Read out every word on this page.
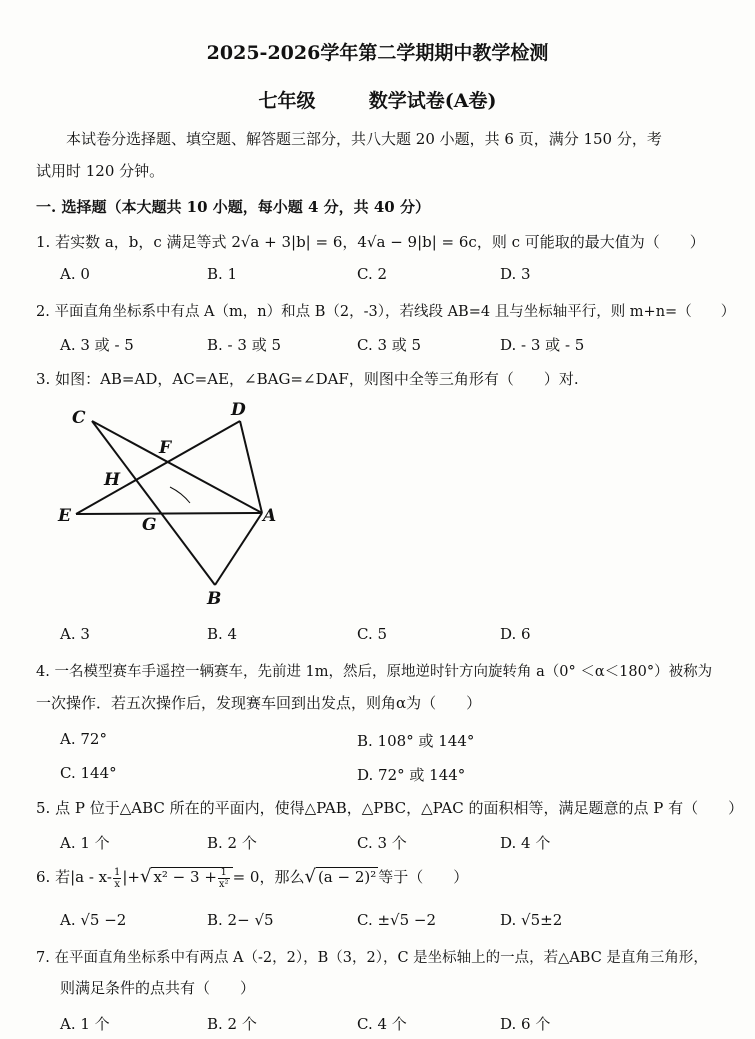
2025-2026学年第二学期期中教学检测
七年级	数学试卷(A卷)
本试卷分选择题、填空题、解答题三部分，共八大题 20 小题，共 6 页，满分 150 分，考
试用时 120 分钟。
一. 选择题（本大题共 10 小题，每小题 4 分，共 40 分）
1. 若实数 a，b，c 满足等式 2√a + 3|b| = 6，4√a − 9|b| = 6c，则 c 可能取的最大值为（　　）
A. 0	B. 1	C. 2	D. 3
2. 平面直角坐标系中有点 A（m，n）和点 B（2，-3），若线段 AB=4 且与坐标轴平行，则 m+n=（　　）
A. 3 或 - 5	B. - 3 或 5	C. 3 或 5	D. - 3 或 - 5
3. 如图：AB=AD，AC=AE，∠BAG=∠DAF，则图中全等三角形有（　　）对.
C	D
F
H
E	G	A
B
A. 3	B. 4	C. 5	D. 6
4. 一名模型赛车手遥控一辆赛车，先前进 1m，然后，原地逆时针方向旋转角 a（0° ＜α＜180°）被称为
一次操作．若五次操作后，发现赛车回到出发点，则角α为（　　）
A. 72°	B. 108° 或 144°
C. 144°	D. 72° 或 144°
5. 点 P 位于△ABC 所在的平面内，使得△PAB，△PBC，△PAC 的面积相等，满足题意的点 P 有（　　）
A. 1 个	B. 2 个	C. 3 个	D. 4 个
6. 若$|a - x- \frac{1}{x}$ |+√ $x^2 - 3 + \frac{1}{\text{x²}} = 0$，那么√ (a − 2)² 等于（　　）
A. √5 −2	B. 2− √5	C. ±√5 −2	D. √5±2
7. 在平面直角坐标系中有两点 A（-2，2），B（3，2），C 是坐标轴上的一点，若△ABC 是直角三角形，
则满足条件的点共有（　　）
A. 1 个	B. 2 个	C. 4 个	D. 6 个
